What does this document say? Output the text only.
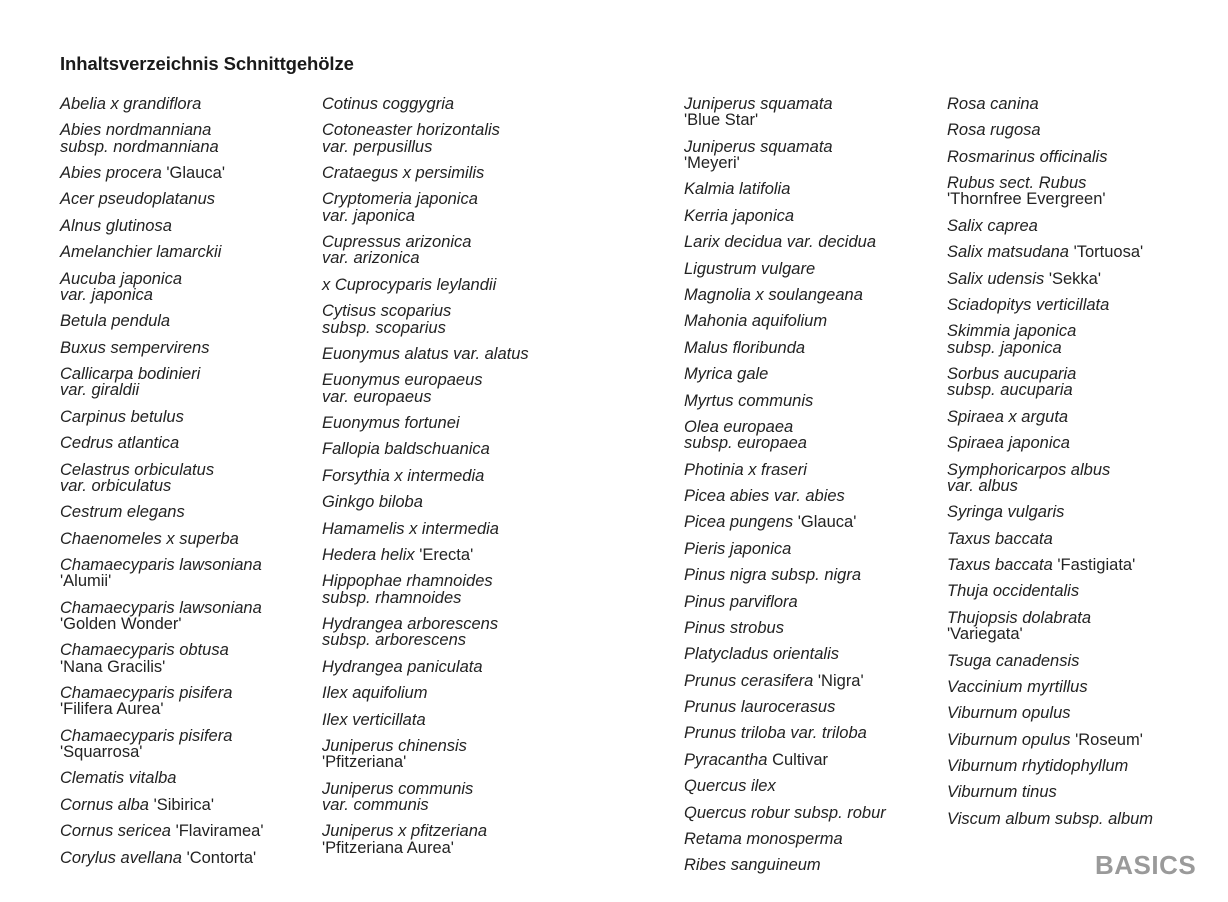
Inhaltsverzeichnis Schnittgehölze
Abelia x grandiflora
Abies nordmanniana
subsp. nordmanniana
Abies procera 'Glauca'
Acer pseudoplatanus
Alnus glutinosa
Amelanchier lamarckii
Aucuba japonica
var. japonica
Betula pendula
Buxus sempervirens
Callicarpa bodinieri
var. giraldii
Carpinus betulus
Cedrus atlantica
Celastrus orbiculatus
var. orbiculatus
Cestrum elegans
Chaenomeles x superba
Chamaecyparis lawsoniana
'Alumii'
Chamaecyparis lawsoniana
'Golden Wonder'
Chamaecyparis obtusa
'Nana Gracilis'
Chamaecyparis pisifera
'Filifera Aurea'
Chamaecyparis pisifera
'Squarrosa'
Clematis vitalba
Cornus alba 'Sibirica'
Cornus sericea 'Flaviramea'
Corylus avellana 'Contorta'
Cotinus coggygria
Cotoneaster horizontalis
var. perpusillus
Crataegus x persimilis
Cryptomeria japonica
var. japonica
Cupressus arizonica
var. arizonica
x Cuprocyparis leylandii
Cytisus scoparius
subsp. scoparius
Euonymus alatus var. alatus
Euonymus europaeus
var. europaeus
Euonymus fortunei
Fallopia baldschuanica
Forsythia x intermedia
Ginkgo biloba
Hamamelis x intermedia
Hedera helix 'Erecta'
Hippophae rhamnoides
subsp. rhamnoides
Hydrangea arborescens
subsp. arborescens
Hydrangea paniculata
Ilex aquifolium
Ilex verticillata
Juniperus chinensis
'Pfitzeriana'
Juniperus communis
var. communis
Juniperus x pfitzeriana
'Pfitzeriana Aurea'
Juniperus squamata
'Blue Star'
Juniperus squamata
'Meyeri'
Kalmia latifolia
Kerria japonica
Larix decidua var. decidua
Ligustrum vulgare
Magnolia x soulangeana
Mahonia aquifolium
Malus floribunda
Myrica gale
Myrtus communis
Olea europaea
subsp. europaea
Photinia x fraseri
Picea abies var. abies
Picea pungens 'Glauca'
Pieris japonica
Pinus nigra subsp. nigra
Pinus parviflora
Pinus strobus
Platycladus orientalis
Prunus cerasifera 'Nigra'
Prunus laurocerasus
Prunus triloba var. triloba
Pyracantha Cultivar
Quercus ilex
Quercus robur subsp. robur
Retama monosperma
Ribes sanguineum
Rosa canina
Rosa rugosa
Rosmarinus officinalis
Rubus sect. Rubus
'Thornfree Evergreen'
Salix caprea
Salix matsudana 'Tortuosa'
Salix udensis 'Sekka'
Sciadopitys verticillata
Skimmia japonica
subsp. japonica
Sorbus aucuparia
subsp. aucuparia
Spiraea x arguta
Spiraea japonica
Symphoricarpos albus
var. albus
Syringa vulgaris
Taxus baccata
Taxus baccata 'Fastigiata'
Thuja occidentalis
Thujopsis dolabrata
'Variegata'
Tsuga canadensis
Vaccinium myrtillus
Viburnum opulus
Viburnum opulus 'Roseum'
Viburnum rhytidophyllum
Viburnum tinus
Viscum album subsp. album
BASICS
